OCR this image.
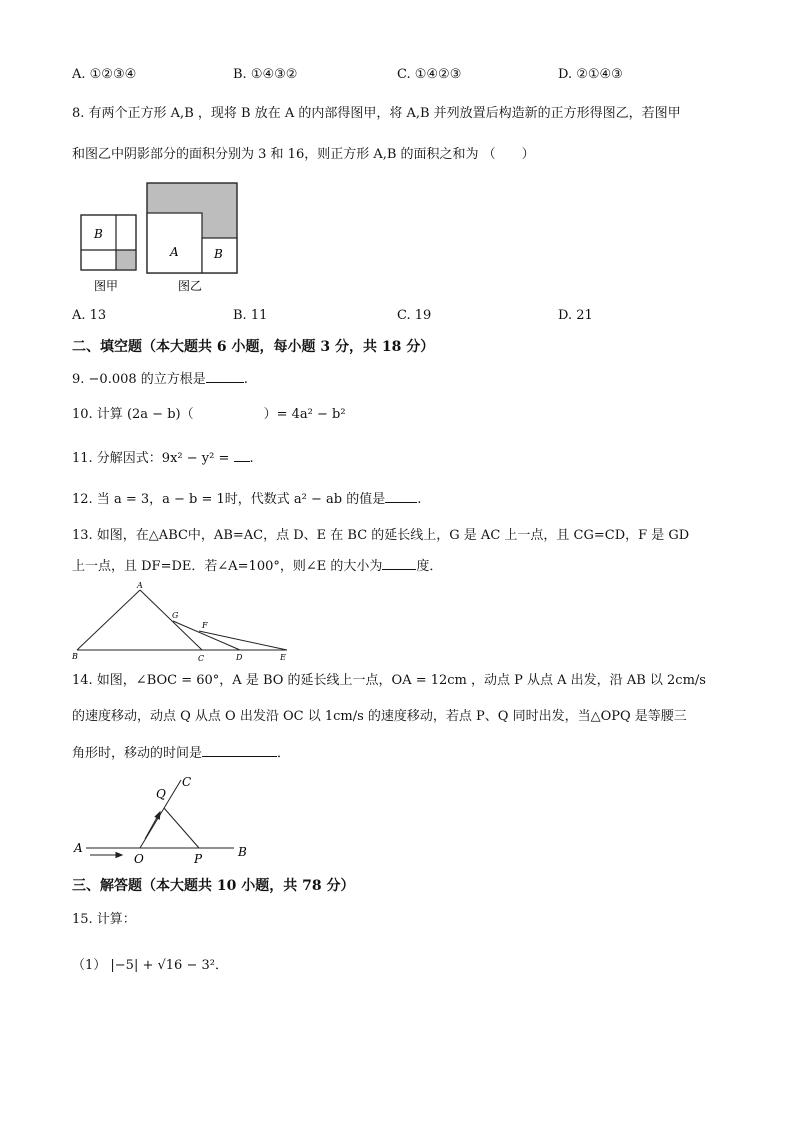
A. ①②③④	B. ①④③②	C. ①④②③	D. ②①④③
8. 有两个正方形 A,B ，现将 B 放在 A 的内部得图甲，将 A,B 并列放置后构造新的正方形得图乙，若图甲
和图乙中阴影部分的面积分别为 3 和 16，则正方形 A,B 的面积之和为 （　　）
B
A	B
图甲	图乙
A. 13	B. 11	C. 19	D. 21
二、填空题（本大题共 6 小题，每小题 3 分，共 18 分）
9. −0.008 的立方根是	.
10. 计算 (2a − b)（	）= 4a² − b²
11. 分解因式：9x² − y² = .
12. 当 a = 3，a − b = 1时，代数式 a² − ab 的值是 .
13. 如图，在△ABC中，AB=AC，点 D、E 在 BC 的延长线上，G 是 AC 上一点，且 CG=CD，F 是 GD
上一点，且 DF=DE．若∠A=100°，则∠E 的大小为	度．
A
B	C	D	E
F
G
14. 如图，∠BOC = 60°，A 是 BO 的延长线上一点，OA = 12cm ，动点 P 从点 A 出发，沿 AB 以 2cm/s
的速度移动，动点 Q 从点 O 出发沿 OC 以 1cm/s 的速度移动，若点 P、Q 同时出发，当△OPQ 是等腰三
角形时，移动的时间是	．
A	B
C
O	P
Q
三、解答题（本大题共 10 小题，共 78 分）
15. 计算：
（1） |−5| + √16 − 3²．
